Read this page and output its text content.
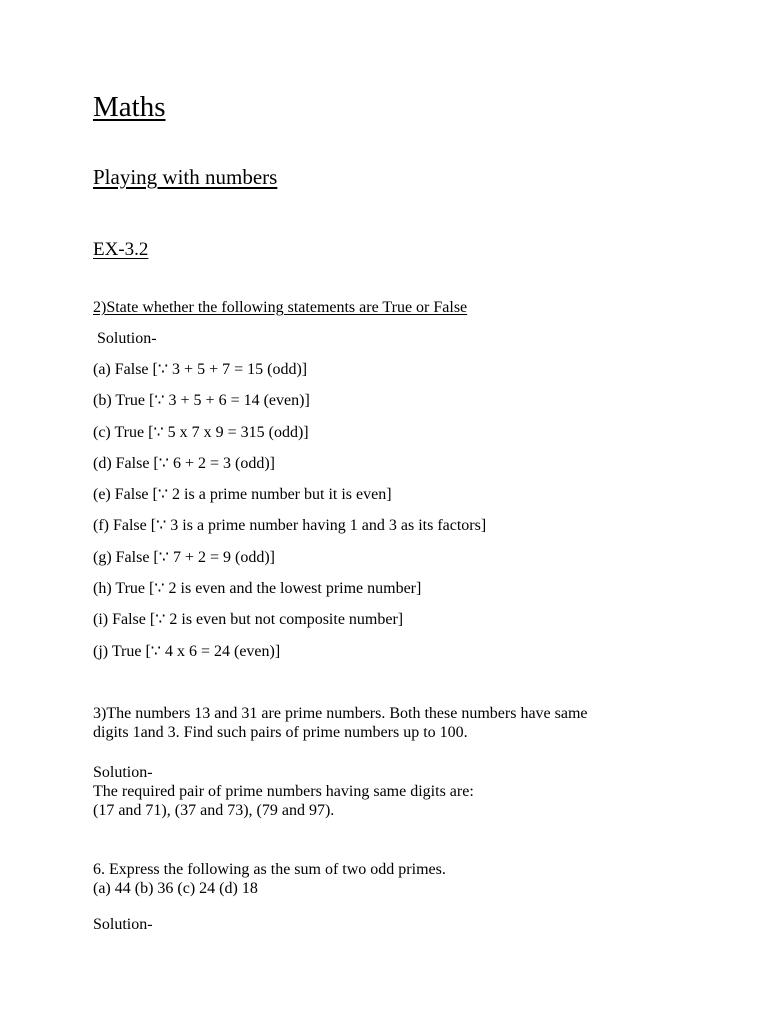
Maths
Playing with numbers
EX-3.2
2)State whether the following statements are True or False
Solution-
(a) False [∵ 3 + 5 + 7 = 15 (odd)]
(b) True [∵ 3 + 5 + 6 = 14 (even)]
(c) True [∵ 5 x 7 x 9 = 315 (odd)]
(d) False [∵ 6 + 2 = 3 (odd)]
(e) False [∵ 2 is a prime number but it is even]
(f) False [∵ 3 is a prime number having 1 and 3 as its factors]
(g) False [∵ 7 + 2 = 9 (odd)]
(h) True [∵ 2 is even and the lowest prime number]
(i) False [∵ 2 is even but not composite number]
(j) True [∵ 4 x 6 = 24 (even)]
3)The numbers 13 and 31 are prime numbers. Both these numbers have same
digits 1and 3. Find such pairs of prime numbers up to 100.
Solution-
The required pair of prime numbers having same digits are:
(17 and 71), (37 and 73), (79 and 97).
6. Express the following as the sum of two odd primes.
(a) 44 (b) 36 (c) 24 (d) 18
Solution-
